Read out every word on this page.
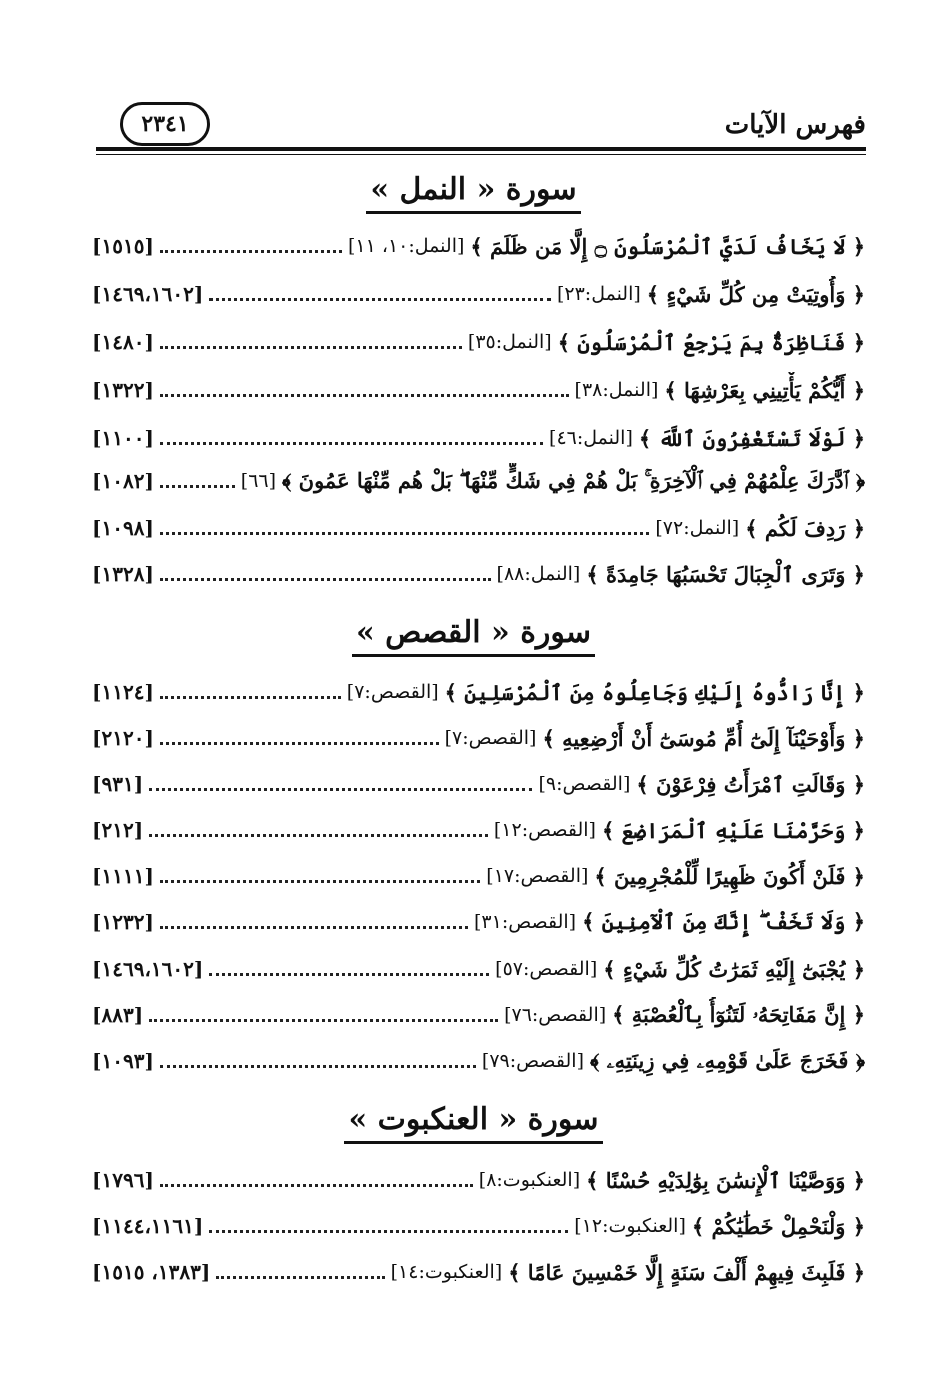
فهرس الآيات
٢٣٤١
سورة « النمل »
﴿ لَا يَخَافُ لَدَيَّ ٱلْمُرْسَلُونَ ۝ إِلَّا مَن ظَلَمَ ﴾
[النمل:١٠، ١١]
[١٥١٥]
﴿ وَأُوتِيَتْ مِن كُلِّ شَيْءٍ ﴾
[النمل:٢٣]
[١٤٦٩،١٦٠٢]
﴿ فَنَاظِرَةٌۢ بِمَ يَرْجِعُ ٱلْمُرْسَلُونَ ﴾
[النمل:٣٥]
[١٤٨٠]
﴿ أَيُّكُمْ يَأْتِينِي بِعَرْشِهَا ﴾
[النمل:٣٨]
[١٣٢٢]
﴿ لَوْلَا تَسْتَغْفِرُونَ ٱللَّهَ ﴾
[النمل:٤٦]
[١١٠٠]
﴿ ٱدَّٰرَكَ عِلْمُهُمْ فِي ٱلْآخِرَةِ ۚ بَلْ هُمْ فِي شَكٍّ مِّنْهَا ۖ بَلْ هُم مِّنْهَا عَمُونَ ﴾
[٦٦]
[١٠٨٢]
﴿ رَدِفَ لَكُم ﴾
[النمل:٧٢]
[١٠٩٨]
﴿ وَتَرَى ٱلْجِبَالَ تَحْسَبُهَا جَامِدَةً ﴾
[النمل:٨٨]
[١٣٢٨]
سورة « القصص »
﴿ إِنَّا رَادُّوهُ إِلَيْكِ وَجَاعِلُوهُ مِنَ ٱلْمُرْسَلِينَ ﴾
[القصص:٧]
[١١٢٤]
﴿ وَأَوْحَيْنَآ إِلَىٰٓ أُمِّ مُوسَىٰٓ أَنْ أَرْضِعِيهِ ﴾
[القصص:٧]
[٢١٢٠]
﴿ وَقَالَتِ ٱمْرَأَتُ فِرْعَوْنَ ﴾
[القصص:٩]
[٩٣١]
﴿ وَحَرَّمْنَا عَلَيْهِ ٱلْمَرَاضِعَ ﴾
[القصص:١٢]
[٢١٢]
﴿ فَلَنْ أَكُونَ ظَهِيرًا لِّلْمُجْرِمِينَ ﴾
[القصص:١٧]
[١١١١]
﴿ وَلَا تَخَفْ ۖ إِنَّكَ مِنَ ٱلْآمِنِينَ ﴾
[القصص:٣١]
[١٢٣٢]
﴿ يُجْبَىٰٓ إِلَيْهِ ثَمَرَٰتُ كُلِّ شَيْءٍ ﴾
[القصص:٥٧]
[١٤٦٩،١٦٠٢]
﴿ إِنَّ مَفَاتِحَهُۥ لَتَنُوٓأُ بِٱلْعُصْبَةِ ﴾
[القصص:٧٦]
[٨٨٣]
﴿ فَخَرَجَ عَلَىٰ قَوْمِهِۦ فِي زِينَتِهِۦ ﴾
[القصص:٧٩]
[١٠٩٣]
سورة « العنكبوت »
﴿ وَوَصَّيْنَا ٱلْإِنسَٰنَ بِوَٰلِدَيْهِ حُسْنًا ﴾
[العنكبوت:٨]
[١٧٩٦]
﴿ وَلْنَحْمِلْ خَطَٰيَٰكُمْ ﴾
[العنكبوت:١٢]
[١١٤٤،١١٦١]
﴿ فَلَبِثَ فِيهِمْ أَلْفَ سَنَةٍ إِلَّا خَمْسِينَ عَامًا ﴾
[العنكبوت:١٤]
[١٣٨٣، ١٥١٥]
